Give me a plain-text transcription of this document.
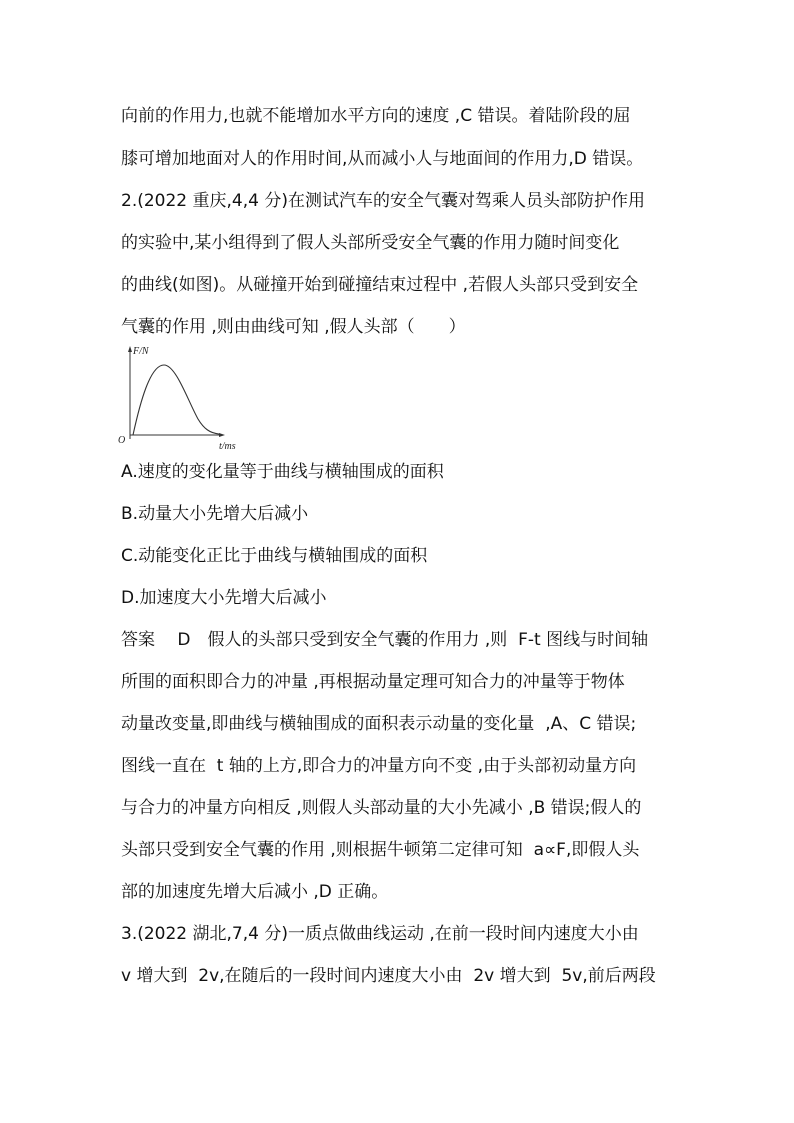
向前的作用力,也就不能增加水平方向的速度 ,C 错误。着陆阶段的屈
膝可增加地面对人的作用时间,从而减小人与地面间的作用力,D 错误。
2.(2022 重庆,4,4 分)在测试汽车的安全气囊对驾乘人员头部防护作用
的实验中,某小组得到了假人头部所受安全气囊的作用力随时间变化
的曲线(如图)。从碰撞开始到碰撞结束过程中 ,若假人头部只受到安全
气囊的作用 ,则由曲线可知 ,假人头部（　　）
F/N
t/ms
O
A.速度的变化量等于曲线与横轴围成的面积
B.动量大小先增大后减小
C.动能变化正比于曲线与横轴围成的面积
D.加速度大小先增大后减小
答案　 D　假人的头部只受到安全气囊的作用力 ,则  F-t 图线与时间轴
所围的面积即合力的冲量 ,再根据动量定理可知合力的冲量等于物体
动量改变量,即曲线与横轴围成的面积表示动量的变化量  ,A、C 错误;
图线一直在  t 轴的上方,即合力的冲量方向不变 ,由于头部初动量方向
与合力的冲量方向相反 ,则假人头部动量的大小先减小 ,B 错误;假人的
头部只受到安全气囊的作用 ,则根据牛顿第二定律可知  a∝F,即假人头
部的加速度先增大后减小 ,D 正确。
3.(2022 湖北,7,4 分)一质点做曲线运动 ,在前一段时间内速度大小由
v 增大到  2v,在随后的一段时间内速度大小由  2v 增大到  5v,前后两段
